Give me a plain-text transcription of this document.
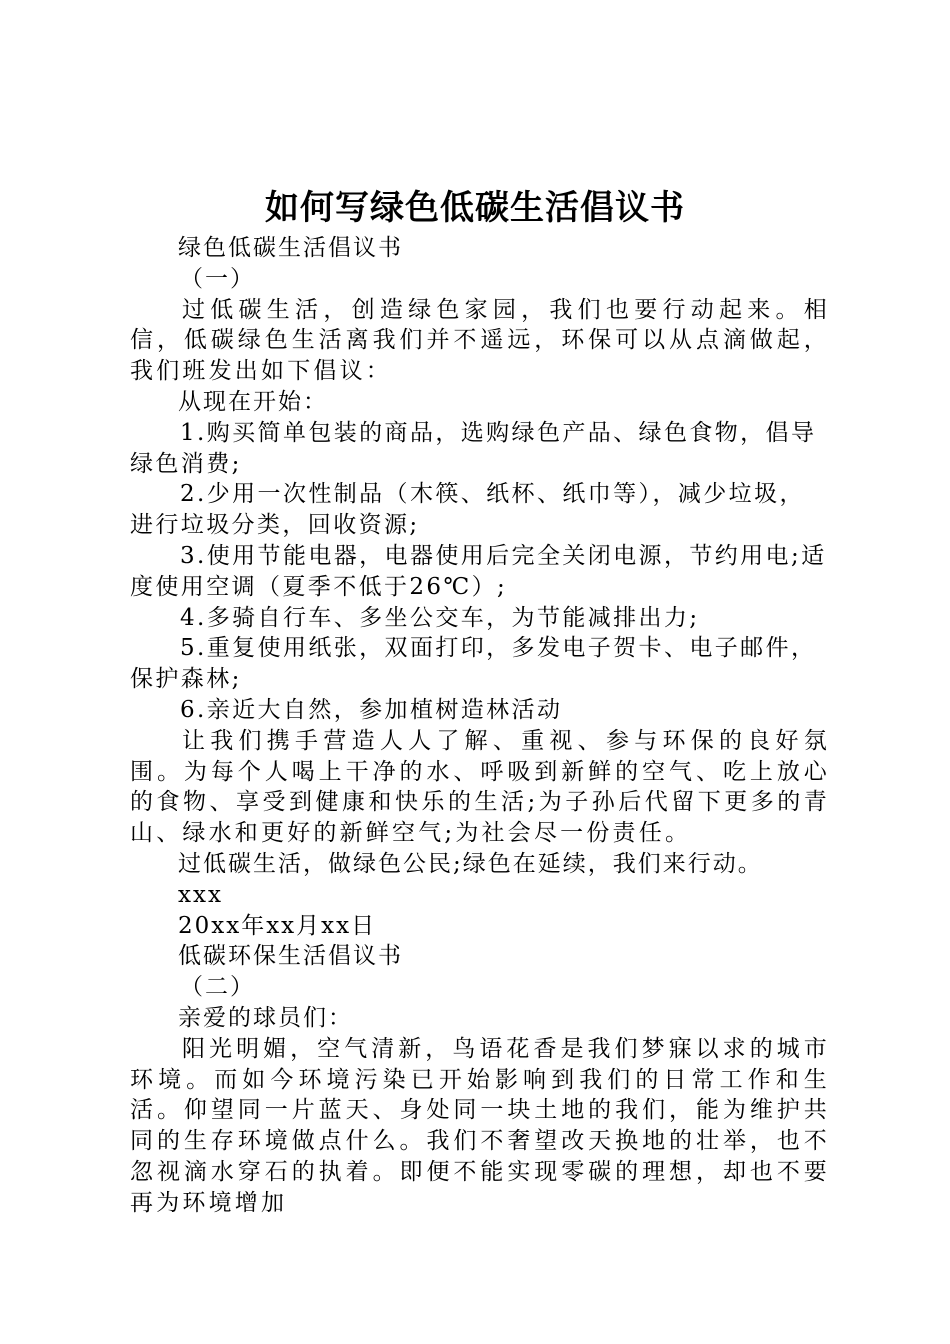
如何写绿色低碳生活倡议书

绿色低碳生活倡议书

（一）

过低碳生活，创造绿色家园，我们也要行动起来。相信，低碳绿色生活离我们并不遥远，环保可以从点滴做起，我们班发出如下倡议：

从现在开始：

1.购买简单包装的商品，选购绿色产品、绿色食物，倡导绿色消费;

2.少用一次性制品（木筷、纸杯、纸巾等），减少垃圾，进行垃圾分类，回收资源;

3.使用节能电器，电器使用后完全关闭电源，节约用电;适度使用空调（夏季不低于26℃）;

4.多骑自行车、多坐公交车，为节能减排出力;

5.重复使用纸张，双面打印，多发电子贺卡、电子邮件，保护森林;

6.亲近大自然，参加植树造林活动

让我们携手营造人人了解、重视、参与环保的良好氛围。为每个人喝上干净的水、呼吸到新鲜的空气、吃上放心的食物、享受到健康和快乐的生活;为子孙后代留下更多的青山、绿水和更好的新鲜空气;为社会尽一份责任。

过低碳生活，做绿色公民;绿色在延续，我们来行动。

xxx

20xx年xx月xx日

低碳环保生活倡议书

（二）

亲爱的球员们：

阳光明媚，空气清新，鸟语花香是我们梦寐以求的城市环境。而如今环境污染已开始影响到我们的日常工作和生活。仰望同一片蓝天、身处同一块土地的我们，能为维护共同的生存环境做点什么。我们不奢望改天换地的壮举，也不忽视滴水穿石的执着。即便不能实现零碳的理想，却也不要再为环境增加
